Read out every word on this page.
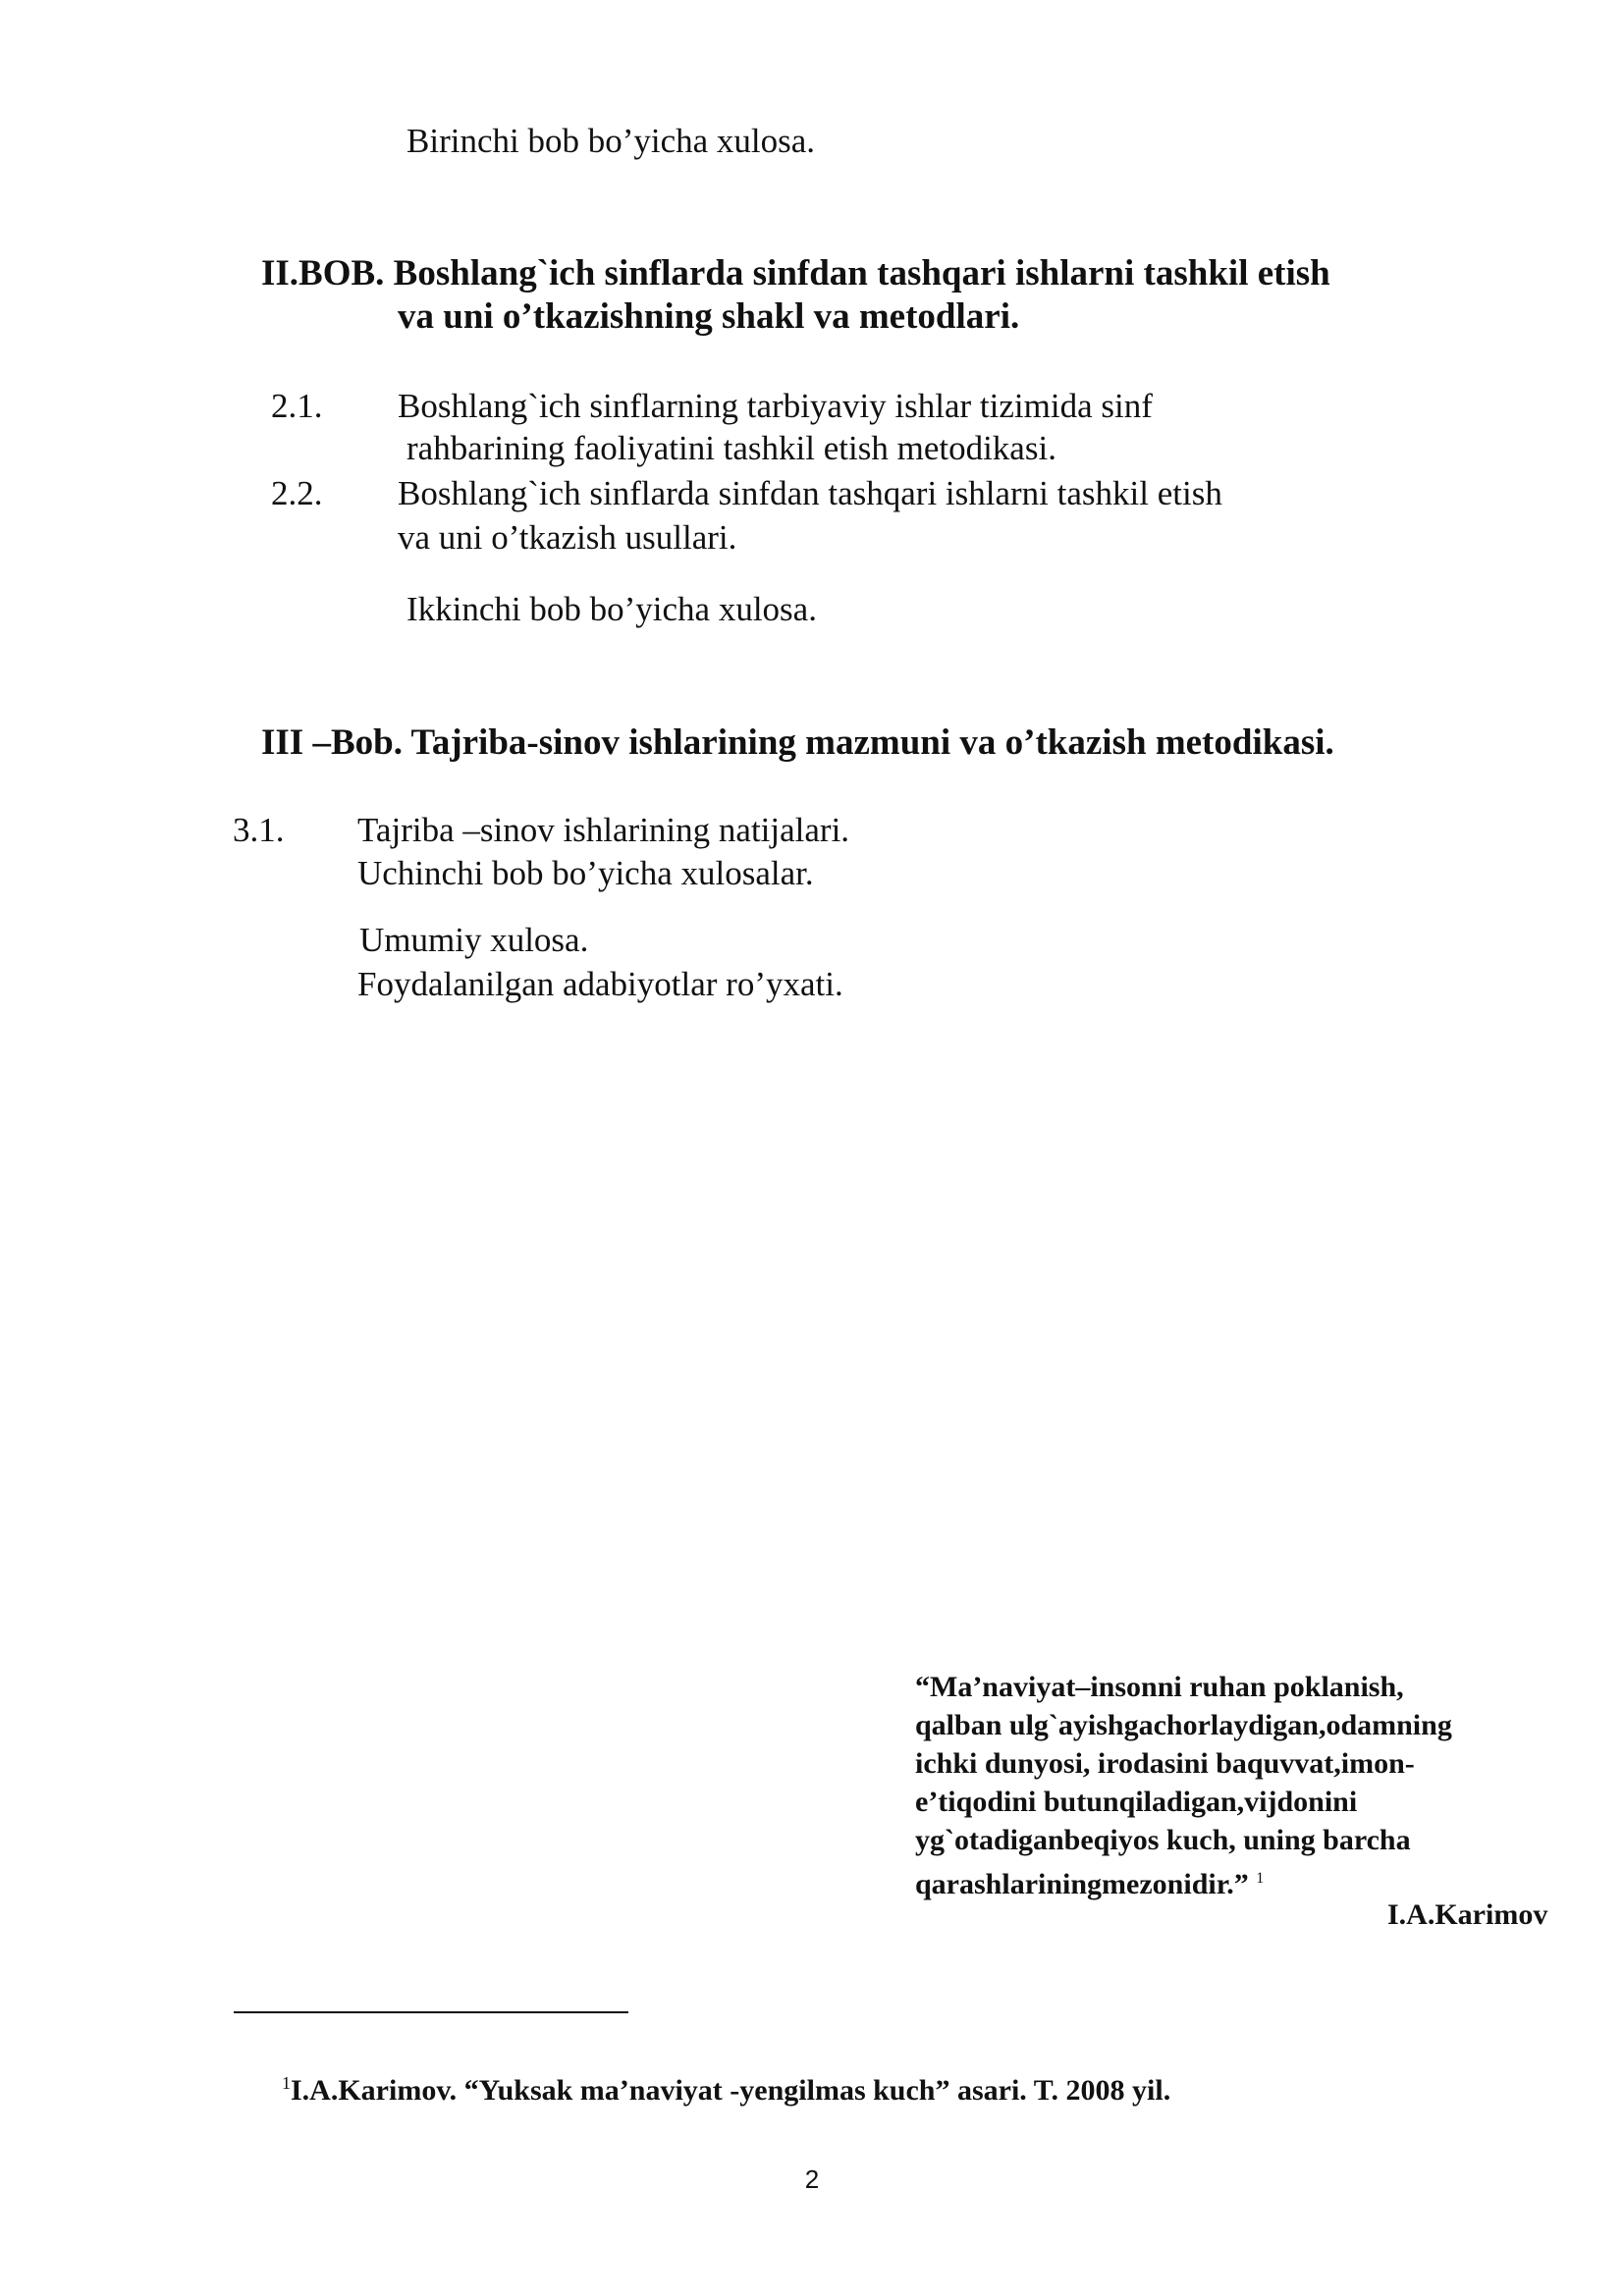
Birinchi bob bo’yicha xulosa.
II.BOB. Boshlang`ich sinflarda sinfdan tashqari ishlarni tashkil etish
va uni o’tkazishning shakl va metodlari.
2.1. Boshlang`ich sinflarning tarbiyaviy ishlar tizimida sinf
rahbarining faoliyatini tashkil etish metodikasi.
2.2. Boshlang`ich sinflarda sinfdan tashqari ishlarni tashkil etish
va uni o’tkazish usullari.
Ikkinchi bob bo’yicha xulosa.
III –Bob. Tajriba-sinov ishlarining mazmuni va o’tkazish metodikasi.
3.1. Tajriba –sinov ishlarining natijalari.
Uchinchi bob bo’yicha xulosalar.
Umumiy xulosa.
Foydalanilgan adabiyotlar ro’yxati.
“Ma’naviyat–insonni ruhan poklanish,
qalban ulg`ayishgachorlaydigan,odamning
ichki dunyosi, irodasini baquvvat,imon-
e’tiqodini butunqiladigan,vijdonini
yg`otadiganbeqiyos kuch, uning barcha
qarashlariningmezonidir.” $^1$
I.A.Karimov
$^1$I.A.Karimov. “Yuksak ma’naviyat -yengilmas kuch” asari. T. 2008 yil.
2
